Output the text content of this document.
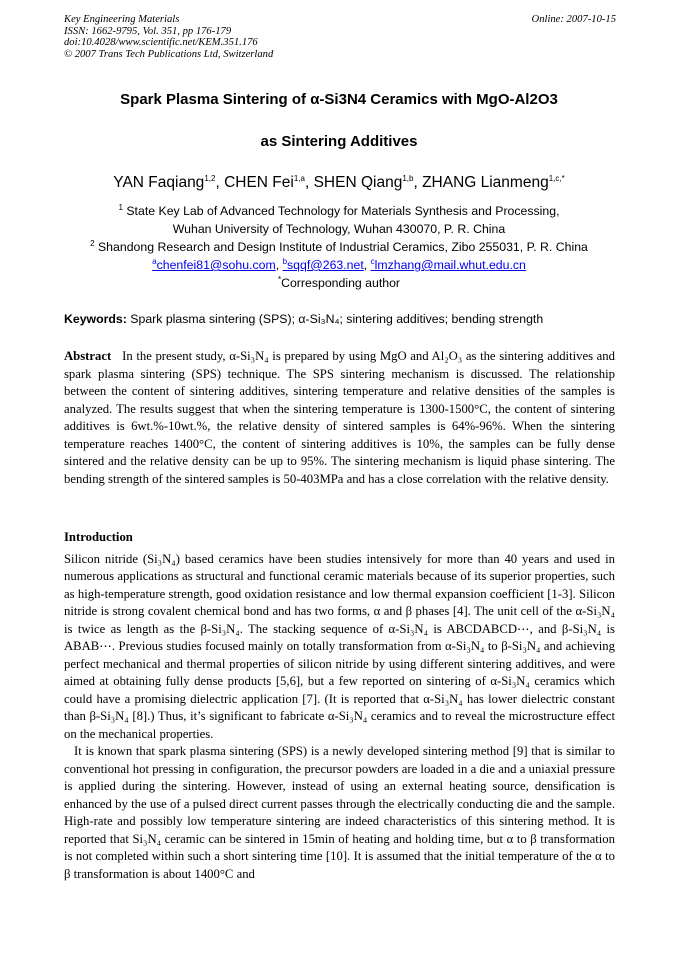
Key Engineering Materials
ISSN: 1662-9795, Vol. 351, pp 176-179
doi:10.4028/www.scientific.net/KEM.351.176
© 2007 Trans Tech Publications Ltd, Switzerland
Online: 2007-10-15
Spark Plasma Sintering of α-Si3N4 Ceramics with MgO-Al2O3
as Sintering Additives
YAN Faqiang$^{1,2}$, CHEN Fei$^{1,a}$, SHEN Qiang$^{1,b}$, ZHANG Lianmeng$^{1,c,*}$
$^1$ State Key Lab of Advanced Technology for Materials Synthesis and Processing,
Wuhan University of Technology, Wuhan 430070, P. R. China
$^2$ Shandong Research and Design Institute of Industrial Ceramics, Zibo 255031, P. R. China
$^a$chenfei81@sohu.com, $^b$sqqf@263.net, $^c$lmzhang@mail.whut.edu.cn
*Corresponding author
Keywords: Spark plasma sintering (SPS); α-Si₃N₄; sintering additives; bending strength

Abstract In the present study, α-Si₃N₄ is prepared by using MgO and Al₂O₃ as the sintering additives and spark plasma sintering (SPS) technique. The SPS sintering mechanism is discussed. The relationship between the content of sintering additives, sintering temperature and relative densities of the samples is analyzed. The results suggest that when the sintering temperature is 1300-1500°C, the content of sintering additives is 6wt.%-10wt.%, the relative density of sintered samples is 64%-96%. When the sintering temperature reaches 1400°C, the content of sintering additives is 10%, the samples can be fully dense sintered and the relative density can be up to 95%. The sintering mechanism is liquid phase sintering. The bending strength of the sintered samples is 50-403MPa and has a close correlation with the relative density.

Introduction

Silicon nitride (Si₃N₄) based ceramics have been studies intensively for more than 40 years and used in numerous applications as structural and functional ceramic materials because of its superior properties, such as high-temperature strength, good oxidation resistance and low thermal expansion coefficient [1-3]. Silicon nitride is strong covalent chemical bond and has two forms, α and β phases [4]. The unit cell of the α-Si₃N₄ is twice as length as the β-Si₃N₄. The stacking sequence of α-Si₃N₄ is ABCDABCD⋯, and β-Si₃N₄ is ABAB⋯. Previous studies focused mainly on totally transformation from α-Si₃N₄ to β-Si₃N₄ and achieving perfect mechanical and thermal properties of silicon nitride by using different sintering additives, and were aimed at obtaining fully dense products [5,6], but a few reported on sintering of α-Si₃N₄ ceramics which could have a promising dielectric application [7]. (It is reported that α-Si₃N₄ has lower dielectric constant than β-Si₃N₄ [8].) Thus, it’s significant to fabricate α-Si₃N₄ ceramics and to reveal the microstructure effect on the mechanical properties.

It is known that spark plasma sintering (SPS) is a newly developed sintering method [9] that is similar to conventional hot pressing in configuration, the precursor powders are loaded in a die and a uniaxial pressure is applied during the sintering. However, instead of using an external heating source, densification is enhanced by the use of a pulsed direct current passes through the electrically conducting die and the sample. High-rate and possibly low temperature sintering are indeed characteristics of this sintering method. It is reported that Si₃N₄ ceramic can be sintered in 15min of heating and holding time, but α to β transformation is not completed within such a short sintering time [10]. It is assumed that the initial temperature of the α to β transformation is about 1400°C and
